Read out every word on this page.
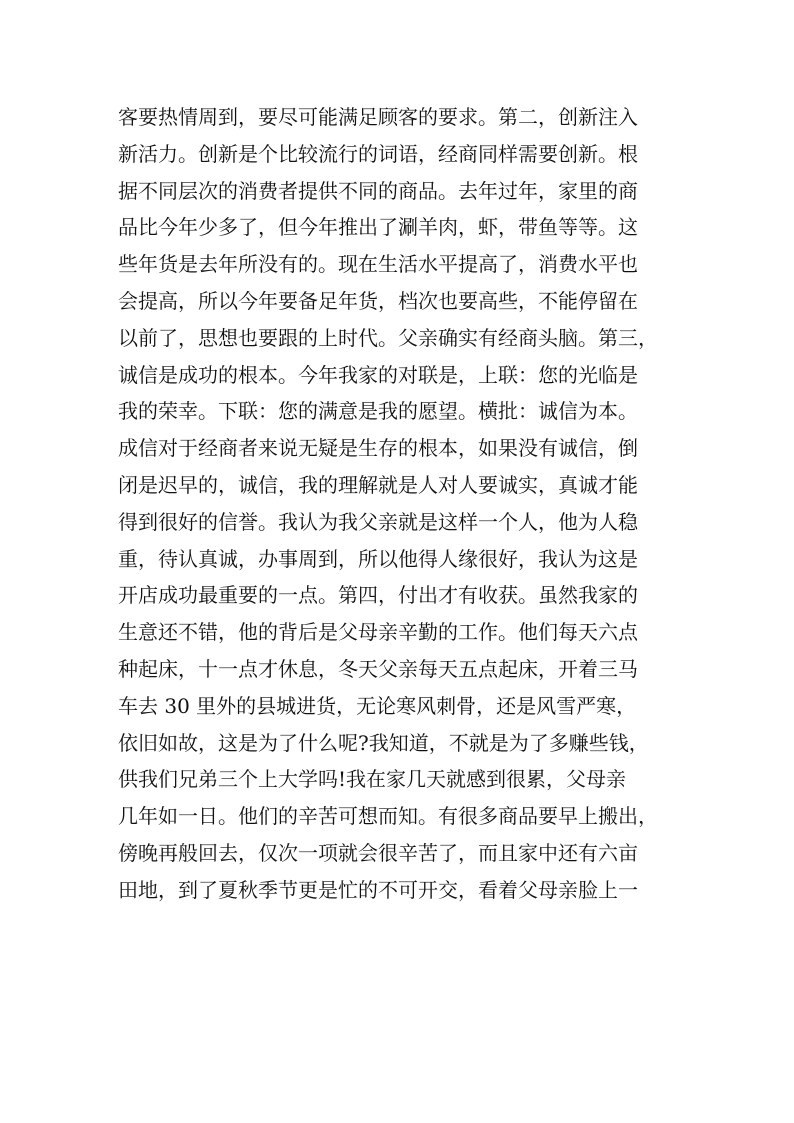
客要热情周到，要尽可能满足顾客的要求。第二，创新注入
新活力。创新是个比较流行的词语，经商同样需要创新。根
据不同层次的消费者提供不同的商品。去年过年，家里的商
品比今年少多了，但今年推出了涮羊肉，虾，带鱼等等。这
些年货是去年所没有的。现在生活水平提高了，消费水平也
会提高，所以今年要备足年货，档次也要高些，不能停留在
以前了，思想也要跟的上时代。父亲确实有经商头脑。第三，
诚信是成功的根本。今年我家的对联是，上联：您的光临是
我的荣幸。下联：您的满意是我的愿望。横批：诚信为本。
成信对于经商者来说无疑是生存的根本，如果没有诚信，倒
闭是迟早的，诚信，我的理解就是人对人要诚实，真诚才能
得到很好的信誉。我认为我父亲就是这样一个人，他为人稳
重，待认真诚，办事周到，所以他得人缘很好，我认为这是
开店成功最重要的一点。第四，付出才有收获。虽然我家的
生意还不错，他的背后是父母亲辛勤的工作。他们每天六点
种起床，十一点才休息，冬天父亲每天五点起床，开着三马
车去 30 里外的县城进货，无论寒风刺骨，还是风雪严寒，
依旧如故，这是为了什么呢?我知道，不就是为了多赚些钱，
供我们兄弟三个上大学吗!我在家几天就感到很累，父母亲
几年如一日。他们的辛苦可想而知。有很多商品要早上搬出，
傍晚再般回去，仅次一项就会很辛苦了，而且家中还有六亩
田地，到了夏秋季节更是忙的不可开交，看着父母亲脸上一
